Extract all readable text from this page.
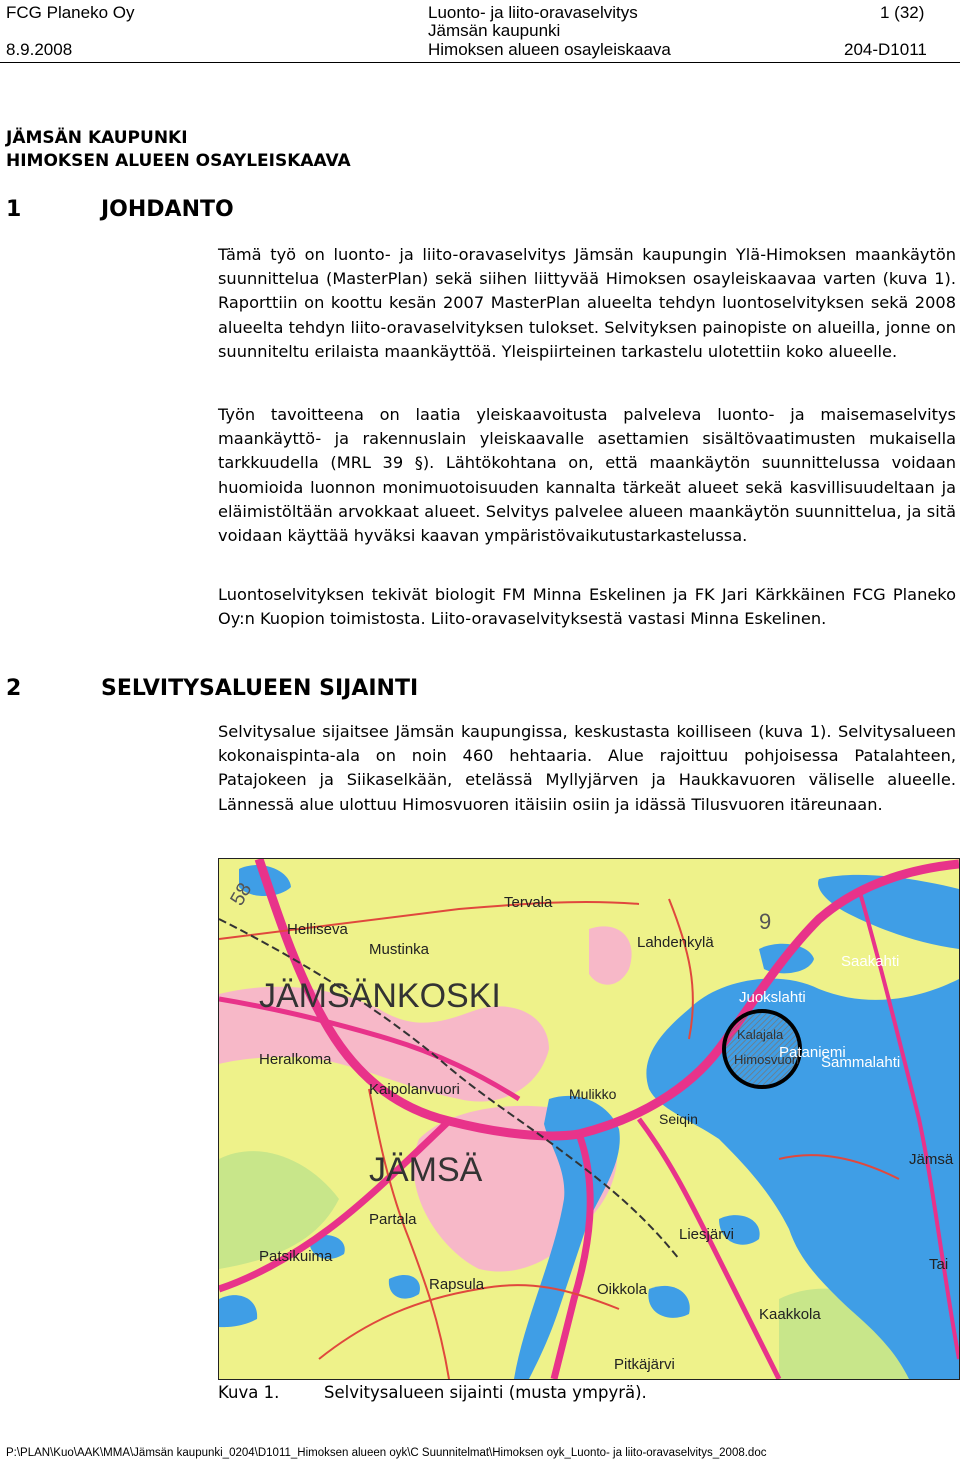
FCG Planeko Oy	Luonto- ja liito-oravaselvitys	1 (32)
Jämsän kaupunki
8.9.2008	Himoksen alueen osayleiskaava	204-D1011
JÄMSÄN KAUPUNKI
HIMOKSEN ALUEEN OSAYLEISKAAVA
1	JOHDANTO
Tämä työ on luonto- ja liito-oravaselvitys Jämsän kaupungin Ylä-Himoksen maankäytön suunnittelua (MasterPlan) sekä siihen liittyvää Himoksen osayleiskaavaa varten (kuva 1). Raporttiin on koottu kesän 2007 MasterPlan alueelta tehdyn luontoselvityksen sekä 2008 alueelta tehdyn liito-oravaselvityksen tulokset. Selvityksen painopiste on alueilla, jonne on suunniteltu erilaista maankäyttöä. Yleispiirteinen tarkastelu ulotettiin koko alueelle.
Työn tavoitteena on laatia yleiskaavoitusta palveleva luonto- ja maisemaselvitys maankäyttö- ja rakennuslain yleiskaavalle asettamien sisältövaatimusten mukaisella tarkkuudella (MRL 39 §). Lähtökohtana on, että maankäytön suunnittelussa voidaan huomioida luonnon monimuotoisuuden kannalta tärkeät alueet sekä kasvillisuudeltaan ja eläimistöltään arvokkaat alueet. Selvitys palvelee alueen maankäytön suunnittelua, ja sitä voidaan käyttää hyväksi kaavan ympäristövaikutustarkastelussa.
Luontoselvityksen tekivät biologit FM Minna Eskelinen ja FK Jari Kärkkäinen FCG Planeko Oy:n Kuopion toimistosta. Liito-oravaselvityksestä vastasi Minna Eskelinen.
2	SELVITYSALUEEN SIJAINTI
Selvitysalue sijaitsee Jämsän kaupungissa, keskustasta koilliseen (kuva 1). Selvitysalueen kokonaispinta-ala on noin 460 hehtaaria. Alue rajoittuu pohjoisessa Patalahteen, Patajokeen ja Siikaselkään, etelässä Myllyjärven ja Haukkavuoren väliselle alueelle. Lännessä alue ulottuu Himosvuoren itäisiin osiin ja idässä Tilusvuoren itäreunaan.
58
9
Tervala
Helliseva
Mustinka	Lahdenkylä
Saakahti
JÄMSÄNKOSKI	Juokslahti
Heralkoma	Pataniemi
Kaipolanvuori	Mulikko
Seiqin
Kalajala
Sammalahti
Himosvuori
JÄMSÄ
Partala
Jämsä
Liesjärvi
Patsikuima
Rapsula	Oikkola
Kaakkola
Pitkäjärvi
Tai
Kuva 1.	Selvitysalueen sijainti (musta ympyrä).
P:\PLAN\Kuo\AAK\MMA\Jämsän kaupunki_0204\D1011_Himoksen alueen oyk\C Suunnitelmat\Himoksen oyk_Luonto- ja liito-oravaselvitys_2008.doc
